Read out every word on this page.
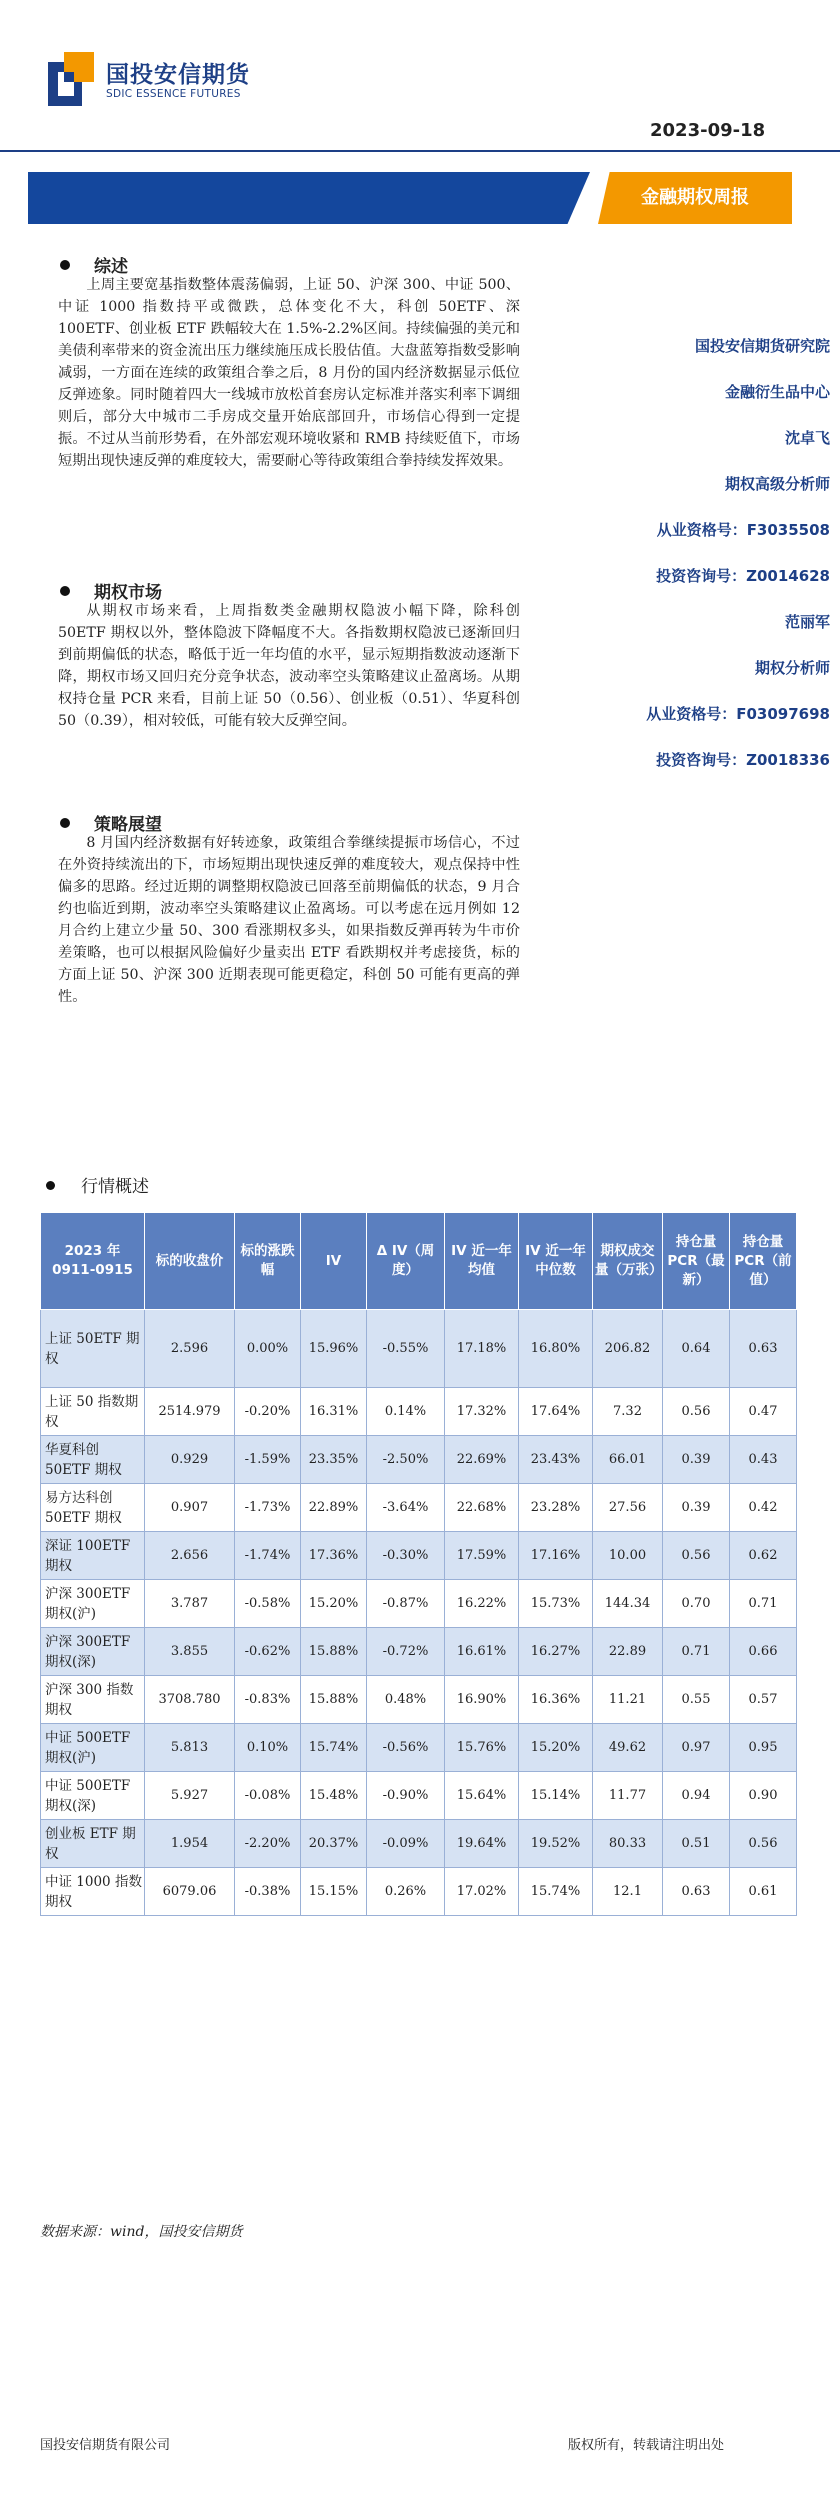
国投安信期货
SDIC ESSENCE FUTURES
2023-09-18
金融期权周报
综述
上周主要宽基指数整体震荡偏弱，上证 50、沪深 300、中证 500、中证 1000 指数持平或微跌，总体变化不大，科创 50ETF、深 100ETF、创业板 ETF 跌幅较大在 1.5%-2.2%区间。持续偏强的美元和美债利率带来的资金流出压力继续施压成长股估值。大盘蓝筹指数受影响减弱，一方面在连续的政策组合拳之后，8 月份的国内经济数据显示低位反弹迹象。同时随着四大一线城市放松首套房认定标准并落实利率下调细则后，部分大中城市二手房成交量开始底部回升，市场信心得到一定提振。不过从当前形势看，在外部宏观环境收紧和 RMB 持续贬值下，市场短期出现快速反弹的难度较大，需要耐心等待政策组合拳持续发挥效果。
期权市场
从期权市场来看，上周指数类金融期权隐波小幅下降，除科创 50ETF 期权以外，整体隐波下降幅度不大。各指数期权隐波已逐渐回归到前期偏低的状态，略低于近一年均值的水平，显示短期指数波动逐渐下降，期权市场又回归充分竞争状态，波动率空头策略建议止盈离场。从期权持仓量 PCR 来看，目前上证 50（0.56）、创业板（0.51）、华夏科创 50（0.39），相对较低，可能有较大反弹空间。
策略展望
8 月国内经济数据有好转迹象，政策组合拳继续提振市场信心，不过在外资持续流出的下，市场短期出现快速反弹的难度较大，观点保持中性偏多的思路。经过近期的调整期权隐波已回落至前期偏低的状态，9 月合约也临近到期，波动率空头策略建议止盈离场。可以考虑在远月例如 12 月合约上建立少量 50、300 看涨期权多头，如果指数反弹再转为牛市价差策略，也可以根据风险偏好少量卖出 ETF 看跌期权并考虑接货，标的方面上证 50、沪深 300 近期表现可能更稳定，科创 50 可能有更高的弹性。
国投安信期货研究院
金融衍生品中心
沈卓飞
期权高级分析师
从业资格号：F3035508
投资咨询号：Z0014628
范丽军
期权分析师
从业资格号：F03097698
投资咨询号：Z0018336
行情概述
2023 年 0911-0915	标的收盘价	标的涨跌幅	IV	Δ IV（周度）	IV 近一年均值	IV 近一年中位数	期权成交量（万张）	持仓量 PCR（最新）	持仓量 PCR（前值）
上证 50ETF 期权	2.596	0.00%	15.96%	-0.55%	17.18%	16.80%	206.82	0.64	0.63
上证 50 指数期权	2514.979	-0.20%	16.31%	0.14%	17.32%	17.64%	7.32	0.56	0.47
华夏科创 50ETF 期权	0.929	-1.59%	23.35%	-2.50%	22.69%	23.43%	66.01	0.39	0.43
易方达科创 50ETF 期权	0.907	-1.73%	22.89%	-3.64%	22.68%	23.28%	27.56	0.39	0.42
深证 100ETF 期权	2.656	-1.74%	17.36%	-0.30%	17.59%	17.16%	10.00	0.56	0.62
沪深 300ETF 期权(沪)	3.787	-0.58%	15.20%	-0.87%	16.22%	15.73%	144.34	0.70	0.71
沪深 300ETF 期权(深)	3.855	-0.62%	15.88%	-0.72%	16.61%	16.27%	22.89	0.71	0.66
沪深 300 指数期权	3708.780	-0.83%	15.88%	0.48%	16.90%	16.36%	11.21	0.55	0.57
中证 500ETF 期权(沪)	5.813	0.10%	15.74%	-0.56%	15.76%	15.20%	49.62	0.97	0.95
中证 500ETF 期权(深)	5.927	-0.08%	15.48%	-0.90%	15.64%	15.14%	11.77	0.94	0.90
创业板 ETF 期权	1.954	-2.20%	20.37%	-0.09%	19.64%	19.52%	80.33	0.51	0.56
中证 1000 指数期权	6079.06	-0.38%	15.15%	0.26%	17.02%	15.74%	12.1	0.63	0.61
数据来源：wind，国投安信期货
国投安信期货有限公司	版权所有，转载请注明出处
